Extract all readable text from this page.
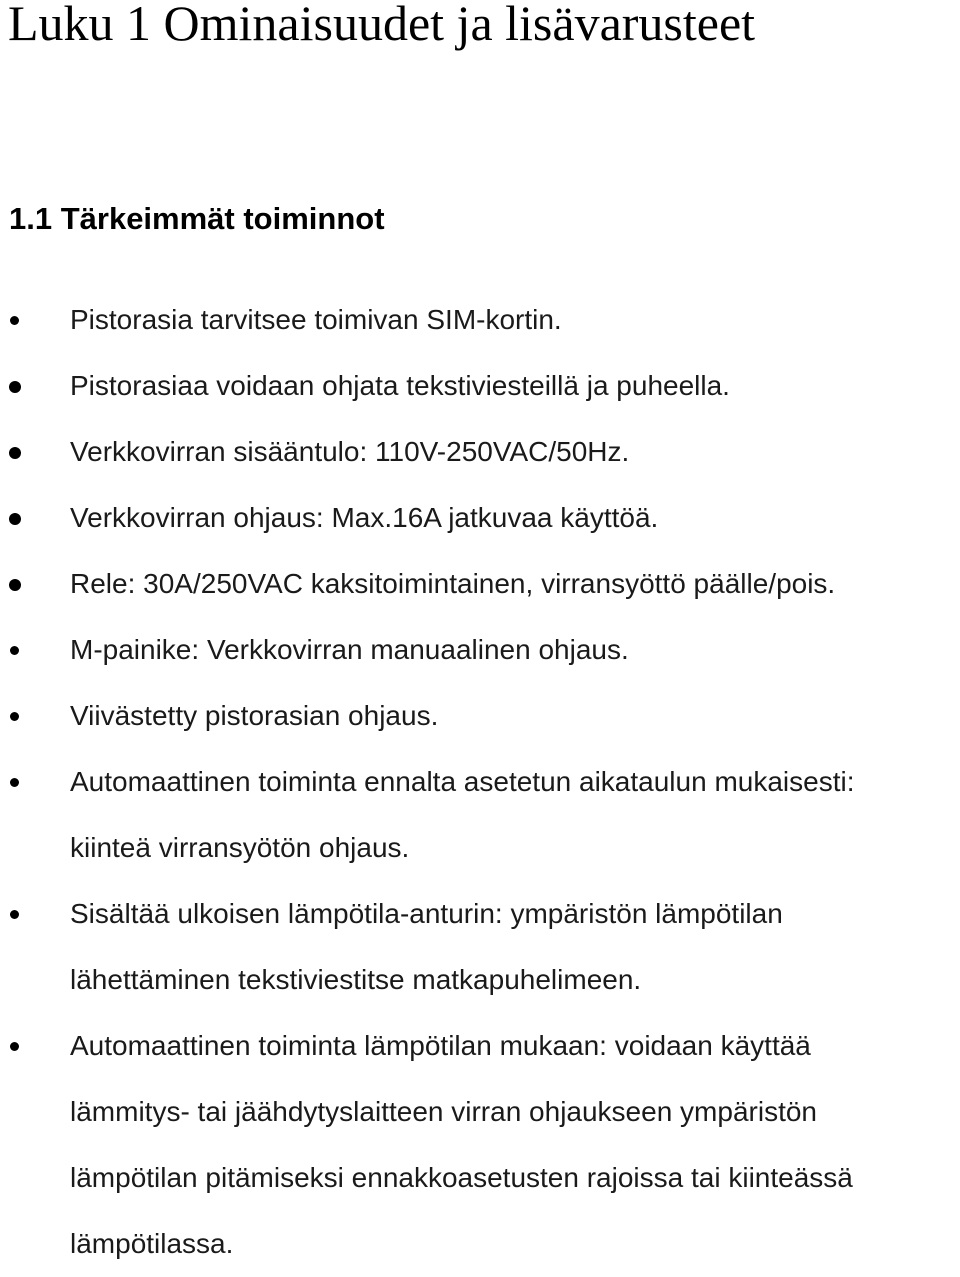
Luku 1 Ominaisuudet ja lisävarusteet
1.1 Tärkeimmät toiminnot
Pistorasia tarvitsee toimivan SIM-kortin.
Pistorasiaa voidaan ohjata tekstiviesteillä ja puheella.
Verkkovirran sisääntulo: 110V-250VAC/50Hz.
Verkkovirran ohjaus: Max.16A jatkuvaa käyttöä.
Rele: 30A/250VAC kaksitoimintainen, virransyöttö päälle/pois.
M-painike: Verkkovirran manuaalinen ohjaus.
Viivästetty pistorasian ohjaus.
Automaattinen toiminta ennalta asetetun aikataulun mukaisesti:
kiinteä virransyötön ohjaus.
Sisältää ulkoisen lämpötila-anturin: ympäristön lämpötilan
lähettäminen tekstiviestitse matkapuhelimeen.
Automaattinen toiminta lämpötilan mukaan: voidaan käyttää
lämmitys- tai jäähdytyslaitteen virran ohjaukseen ympäristön
lämpötilan pitämiseksi ennakkoasetusten rajoissa tai kiinteässä
lämpötilassa.
